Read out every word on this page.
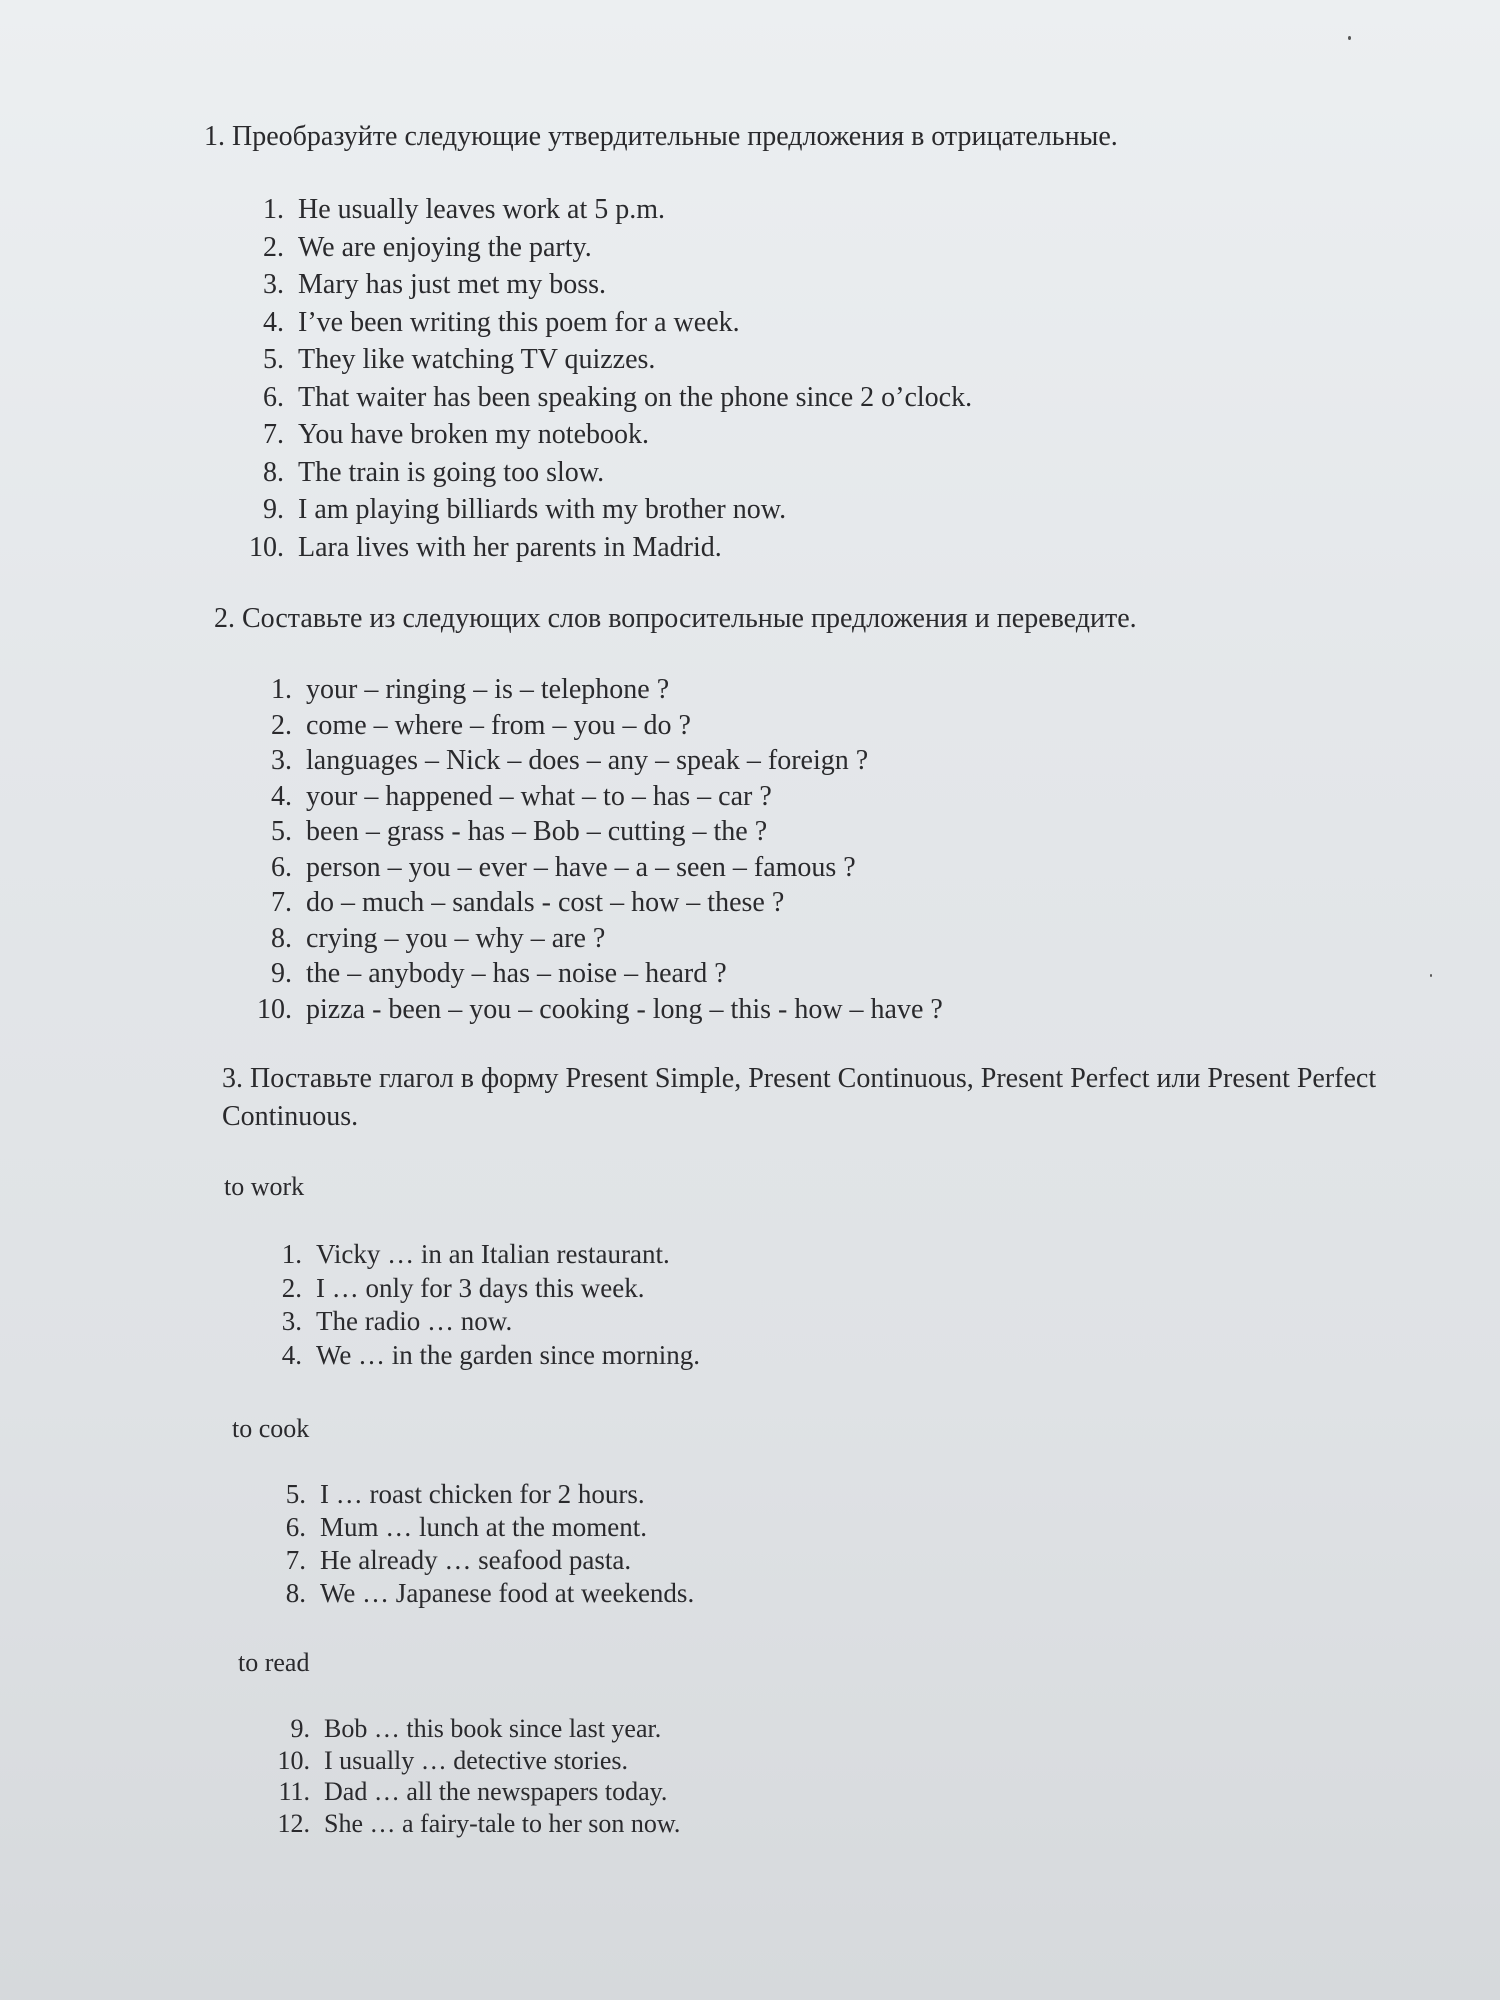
1. Преобразуйте следующие утвердительные предложения в отрицательные.
1. He usually leaves work at 5 p.m.
2. We are enjoying the party.
3. Mary has just met my boss.
4. I’ve been writing this poem for a week.
5. They like watching TV quizzes.
6. That waiter has been speaking on the phone since 2 o’clock.
7. You have broken my notebook.
8. The train is going too slow.
9. I am playing billiards with my brother now.
10. Lara lives with her parents in Madrid.
2. Составьте из следующих слов вопросительные предложения и переведите.
1. your – ringing – is – telephone ?
2. come – where – from – you – do ?
3. languages – Nick – does – any – speak – foreign ?
4. your – happened – what – to – has – car ?
5. been – grass - has – Bob – cutting – the ?
6. person – you – ever – have – a – seen – famous ?
7. do – much – sandals - cost – how – these ?
8. crying – you – why – are ?
9. the – anybody – has – noise – heard ?
10. pizza - been – you – cooking - long – this - how – have ?
3. Поставьте глагол в форму Present Simple, Present Continuous, Present Perfect или Present Perfect Continuous.

to work

1. Vicky … in an Italian restaurant.
2. I … only for 3 days this week.
3. The radio … now.
4. We … in the garden since morning.

to cook

5. I … roast chicken for 2 hours.
6. Mum … lunch at the moment.
7. He already … seafood pasta.
8. We … Japanese food at weekends.

to read

9. Bob … this book since last year.
10. I usually … detective stories.
11. Dad … all the newspapers today.
12. She … a fairy-tale to her son now.
